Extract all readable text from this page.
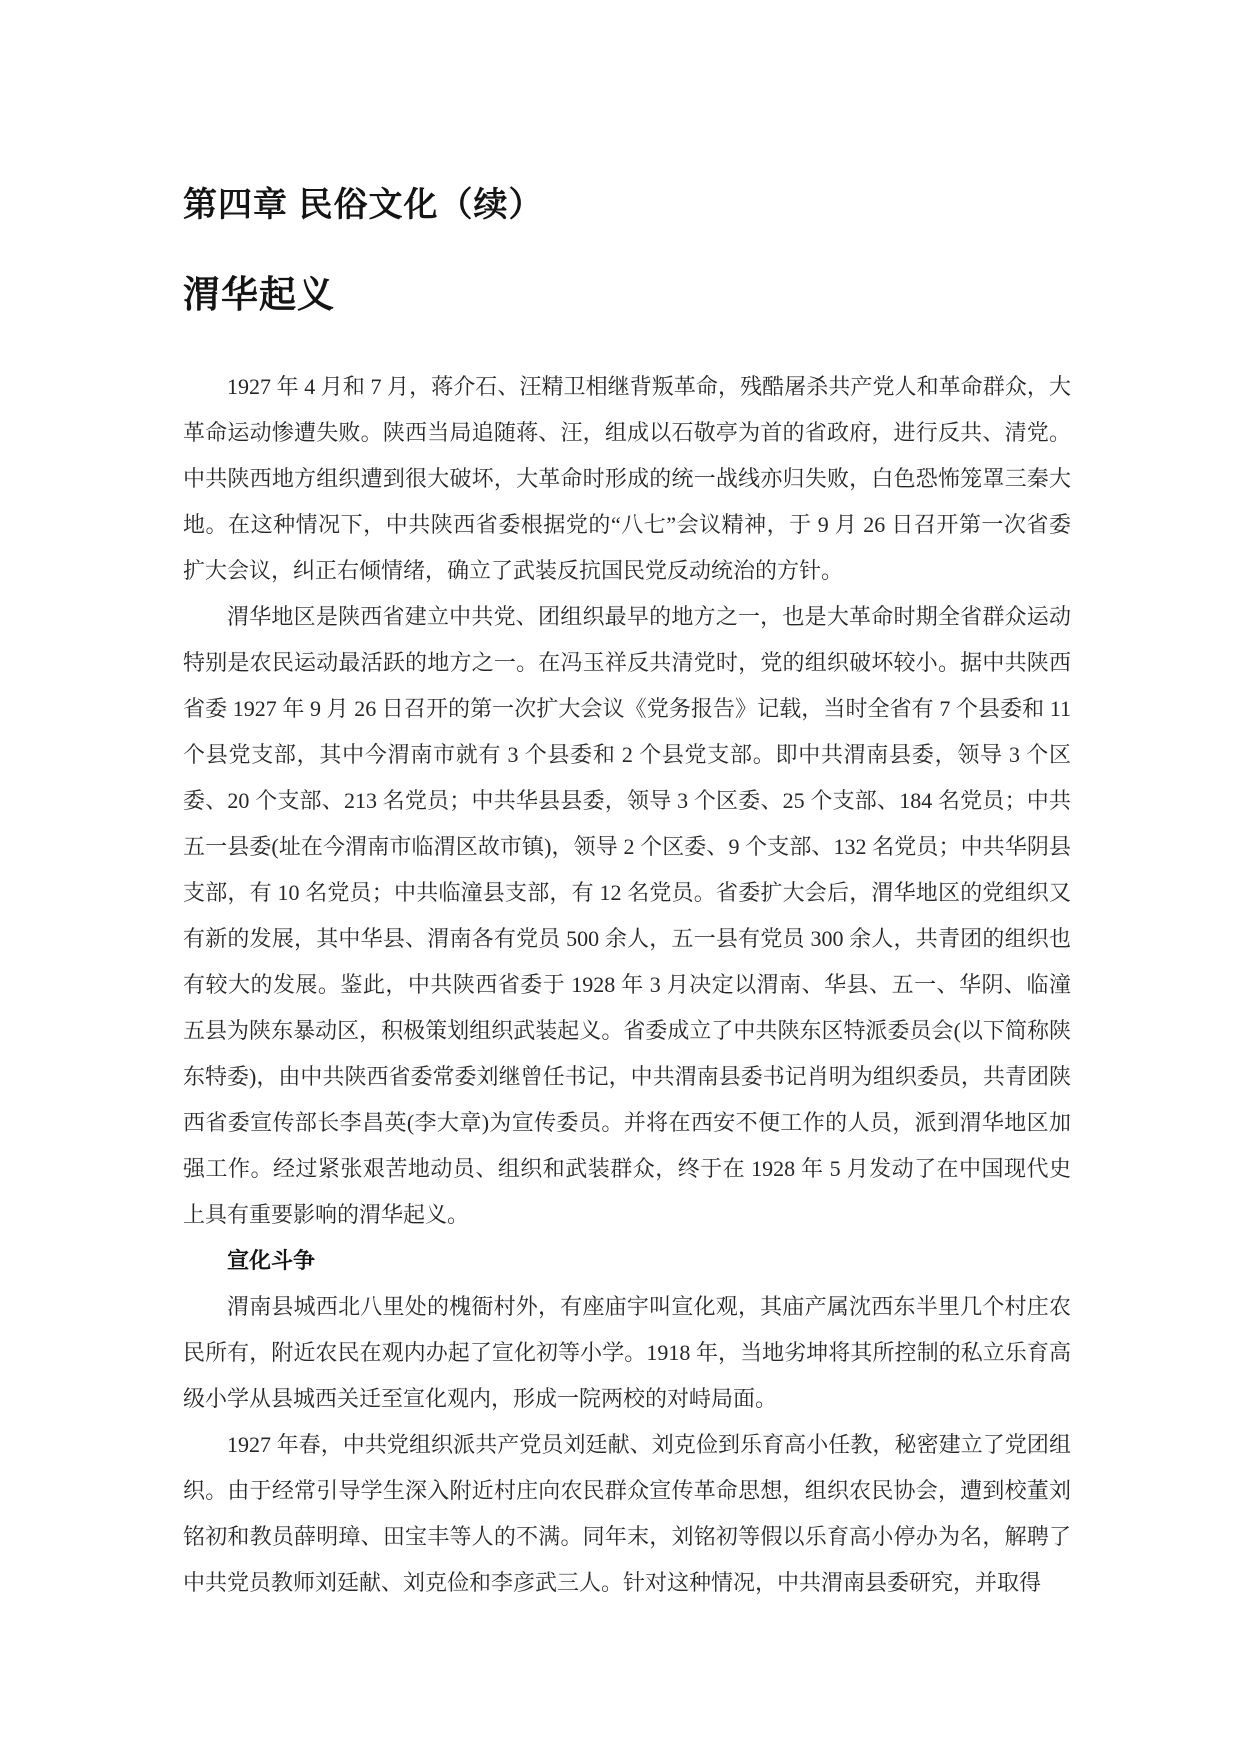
第四章 民俗文化（续）
渭华起义

1927 年 4 月和 7 月，蒋介石、汪精卫相继背叛革命，残酷屠杀共产党人和革命群众，大革命运动惨遭失败。陕西当局追随蒋、汪，组成以石敬亭为首的省政府，进行反共、清党。中共陕西地方组织遭到很大破坏，大革命时形成的统一战线亦归失败，白色恐怖笼罩三秦大地。在这种情况下，中共陕西省委根据党的“八七”会议精神，于 9 月 26 日召开第一次省委扩大会议，纠正右倾情绪，确立了武装反抗国民党反动统治的方针。

渭华地区是陕西省建立中共党、团组织最早的地方之一，也是大革命时期全省群众运动特别是农民运动最活跃的地方之一。在冯玉祥反共清党时，党的组织破坏较小。据中共陕西省委 1927 年 9 月 26 日召开的第一次扩大会议《党务报告》记载，当时全省有 7 个县委和 11 个县党支部，其中今渭南市就有 3 个县委和 2 个县党支部。即中共渭南县委，领导 3 个区委、20 个支部、213 名党员；中共华县县委，领导 3 个区委、25 个支部、184 名党员；中共五一县委(址在今渭南市临渭区故市镇)，领导 2 个区委、9 个支部、132 名党员；中共华阴县支部，有 10 名党员；中共临潼县支部，有 12 名党员。省委扩大会后，渭华地区的党组织又有新的发展，其中华县、渭南各有党员 500 余人，五一县有党员 300 余人，共青团的组织也有较大的发展。鉴此，中共陕西省委于 1928 年 3 月决定以渭南、华县、五一、华阴、临潼五县为陕东暴动区，积极策划组织武装起义。省委成立了中共陕东区特派委员会(以下简称陕东特委)，由中共陕西省委常委刘继曾任书记，中共渭南县委书记肖明为组织委员，共青团陕西省委宣传部长李昌英(李大章)为宣传委员。并将在西安不便工作的人员，派到渭华地区加强工作。经过紧张艰苦地动员、组织和武装群众，终于在 1928 年 5 月发动了在中国现代史上具有重要影响的渭华起义。

宣化斗争

渭南县城西北八里处的槐衙村外，有座庙宇叫宣化观，其庙产属沈西东半里几个村庄农民所有，附近农民在观内办起了宣化初等小学。1918 年，当地劣坤将其所控制的私立乐育高级小学从县城西关迁至宣化观内，形成一院两校的对峙局面。

1927 年春，中共党组织派共产党员刘廷献、刘克俭到乐育高小任教，秘密建立了党团组织。由于经常引导学生深入附近村庄向农民群众宣传革命思想，组织农民协会，遭到校董刘铭初和教员薛明璋、田宝丰等人的不满。同年末，刘铭初等假以乐育高小停办为名，解聘了中共党员教师刘廷献、刘克俭和李彦武三人。针对这种情况，中共渭南县委研究，并取得
